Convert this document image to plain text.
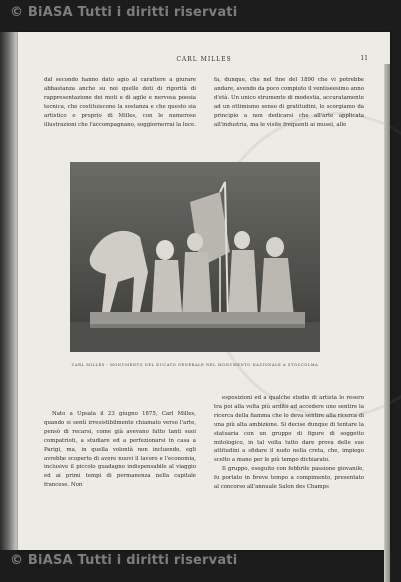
© BiASA Tutti i diritti riservati
CARL MILLES	11

dal secondo hanno dato agio al carattere a giurare abbastanza anche su noi quelle doti di rigorità di rappresentazione dei moti e di agile e nervosa poesia tecnica, che costituiscono la sostanza e che questo sia artistico e proprio di Milles, con le numerose illustrazioni che l'accompagnano, soggiornerrai la luce.

fa, dunque, che nel fine del 1890 che vi potrebbe andare, avendo da poco compiuto il ventiseesimo anno d'età. Un unico strumento di modestia, accuratamente ad un ottimismo senso di gratitudini, lo scorgiamo da principio a non dedicarsi che all'arte applicata all'industria, ma le visite frequenti ai musei, alle

CARL MILLES - MONUMENTO DEL DUCATO GENERALE NEL MONUMENTO NAZIONALE A STOCCOLMA

Nato a Upsala il 23 giugno 1875, Carl Milles, quando si sentì irresistibilmente chiamato verso l'arte, pensò di recarsi, come già avevano fatto tanti suoi compatrioti, a studiare ed a perfezionarsi in casa a Parigi, ma, in quella volontà non incluendo, egli avrebbe scoperto di avere nuovi il lavoro e l'economia, inclusive il piccolo guadagno indispensabile al viaggio ed ai primi tempi di permanenza nella capitale francese. Non

esposizioni ed a qualche studio di artista lo resero tra poi alla volta più ardito ad accedere uno sentire la ricerca della fiamma che lo deva sentire alla ricerca di una più alta ambizione. Si decise dunque di tentare la statuaria con un gruppo di figure di soggetto mitologico, in tal volta tutto dare prova delle sue attitudini a sfidare il nudo nella creta, che, impiego scelto a mano per le più tempo dichiarato.
Il gruppo, eseguito con febbrile passione giovanile, fu portato in breve tempo a compimento, presentato al concorso all'annuale Salon des Champs
© BiASA Tutti i diritti riservati
